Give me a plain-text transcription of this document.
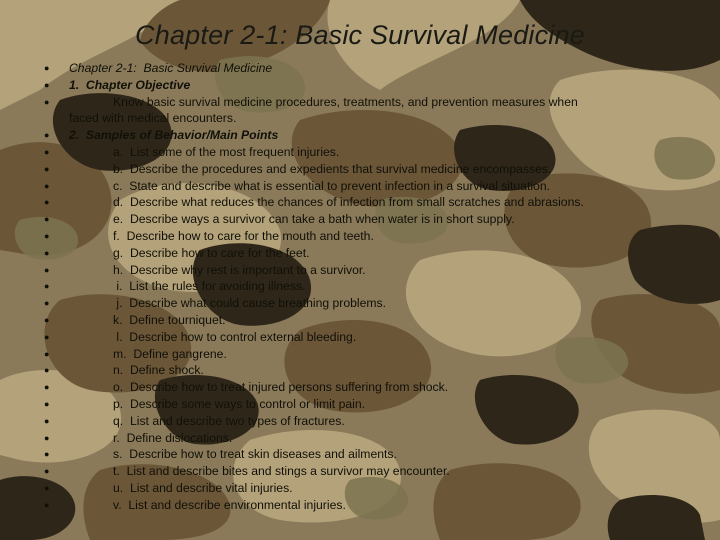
Chapter 2-1: Basic Survival Medicine
●	Chapter 2-1:  Basic Survival Medicine
●	1.  Chapter Objective
●	Know basic survival medicine procedures, treatments, and prevention measures when
faced with medical encounters.
●	2.  Samples of Behavior/Main Points
●	a.  List some of the most frequent injuries.
●	b.  Describe the procedures and expedients that survival medicine encompasses.
●	c.  State and describe what is essential to prevent infection in a survival situation.
●	d.  Describe what reduces the chances of infection from small scratches and abrasions.
●	e.  Describe ways a survivor can take a bath when water is in short supply.
●	f.  Describe how to care for the mouth and teeth.
●	g.  Describe how to care for the feet.
●	h.  Describe why rest is important to a survivor.
●	i.  List the rules for avoiding illness.
●	j.  Describe what could cause breathing problems.
●	k.  Define tourniquet.
●	l.  Describe how to control external bleeding.
●	m.  Define gangrene.
●	n.  Define shock.
●	o.  Describe how to treat injured persons suffering from shock.
●	p.  Describe some ways to control or limit pain.
●	q.  List and describe two types of fractures.
●	r.  Define dislocations.
●	s.  Describe how to treat skin diseases and ailments.
●	t.  List and describe bites and stings a survivor may encounter.
●	u.  List and describe vital injuries.
●	v.  List and describe environmental injuries.
